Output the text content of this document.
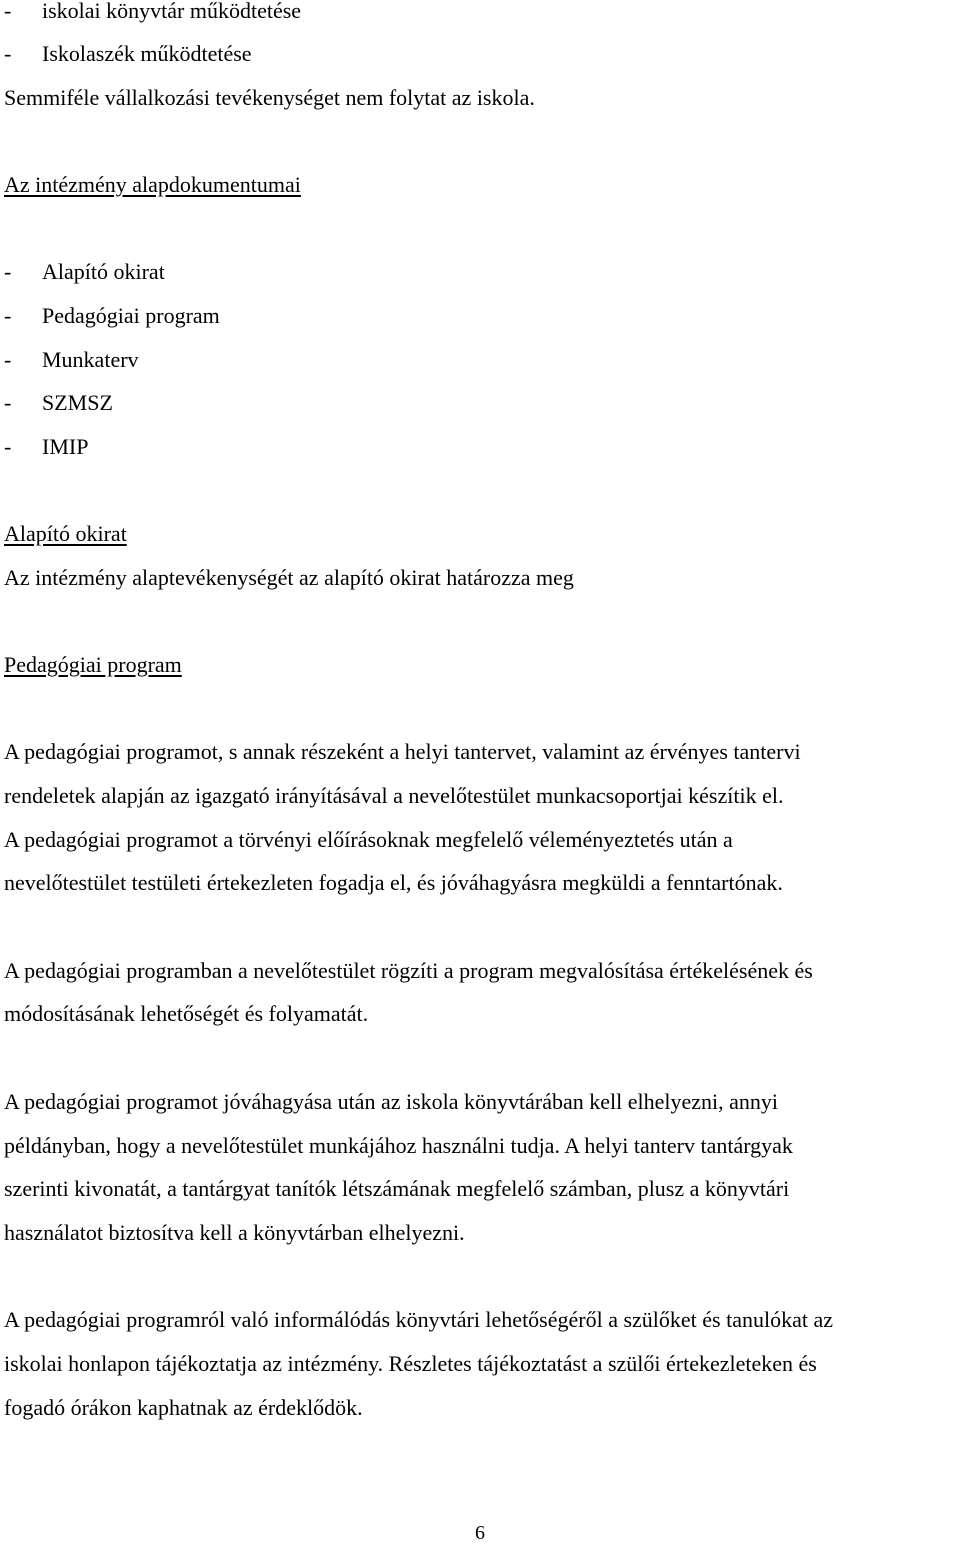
- iskolai könyvtár működtetése
- Iskolaszék működtetése
Semmiféle vállalkozási tevékenységet nem folytat az iskola.
Az intézmény alapdokumentumai
- Alapító okirat
- Pedagógiai program
- Munkaterv
- SZMSZ
- IMIP
Alapító okirat
Az intézmény alaptevékenységét az alapító okirat határozza meg
Pedagógiai program
A pedagógiai programot, s annak részeként a helyi tantervet, valamint az érvényes tantervi
rendeletek alapján az igazgató irányításával a nevelőtestület munkacsoportjai készítik el.
A pedagógiai programot a törvényi előírásoknak megfelelő véleményeztetés után a
nevelőtestület testületi értekezleten fogadja el, és jóváhagyásra megküldi a fenntartónak.
A pedagógiai programban a nevelőtestület rögzíti a program megvalósítása értékelésének és
módosításának lehetőségét és folyamatát.
A pedagógiai programot jóváhagyása után az iskola könyvtárában kell elhelyezni, annyi
példányban, hogy a nevelőtestület munkájához használni tudja. A helyi tanterv tantárgyak
szerinti kivonatát, a tantárgyat tanítók létszámának megfelelő számban, plusz a könyvtári
használatot biztosítva kell a könyvtárban elhelyezni.
A pedagógiai programról való informálódás könyvtári lehetőségéről a szülőket és tanulókat az
iskolai honlapon tájékoztatja az intézmény. Részletes tájékoztatást a szülői értekezleteken és
fogadó órákon kaphatnak az érdeklődök.
6
